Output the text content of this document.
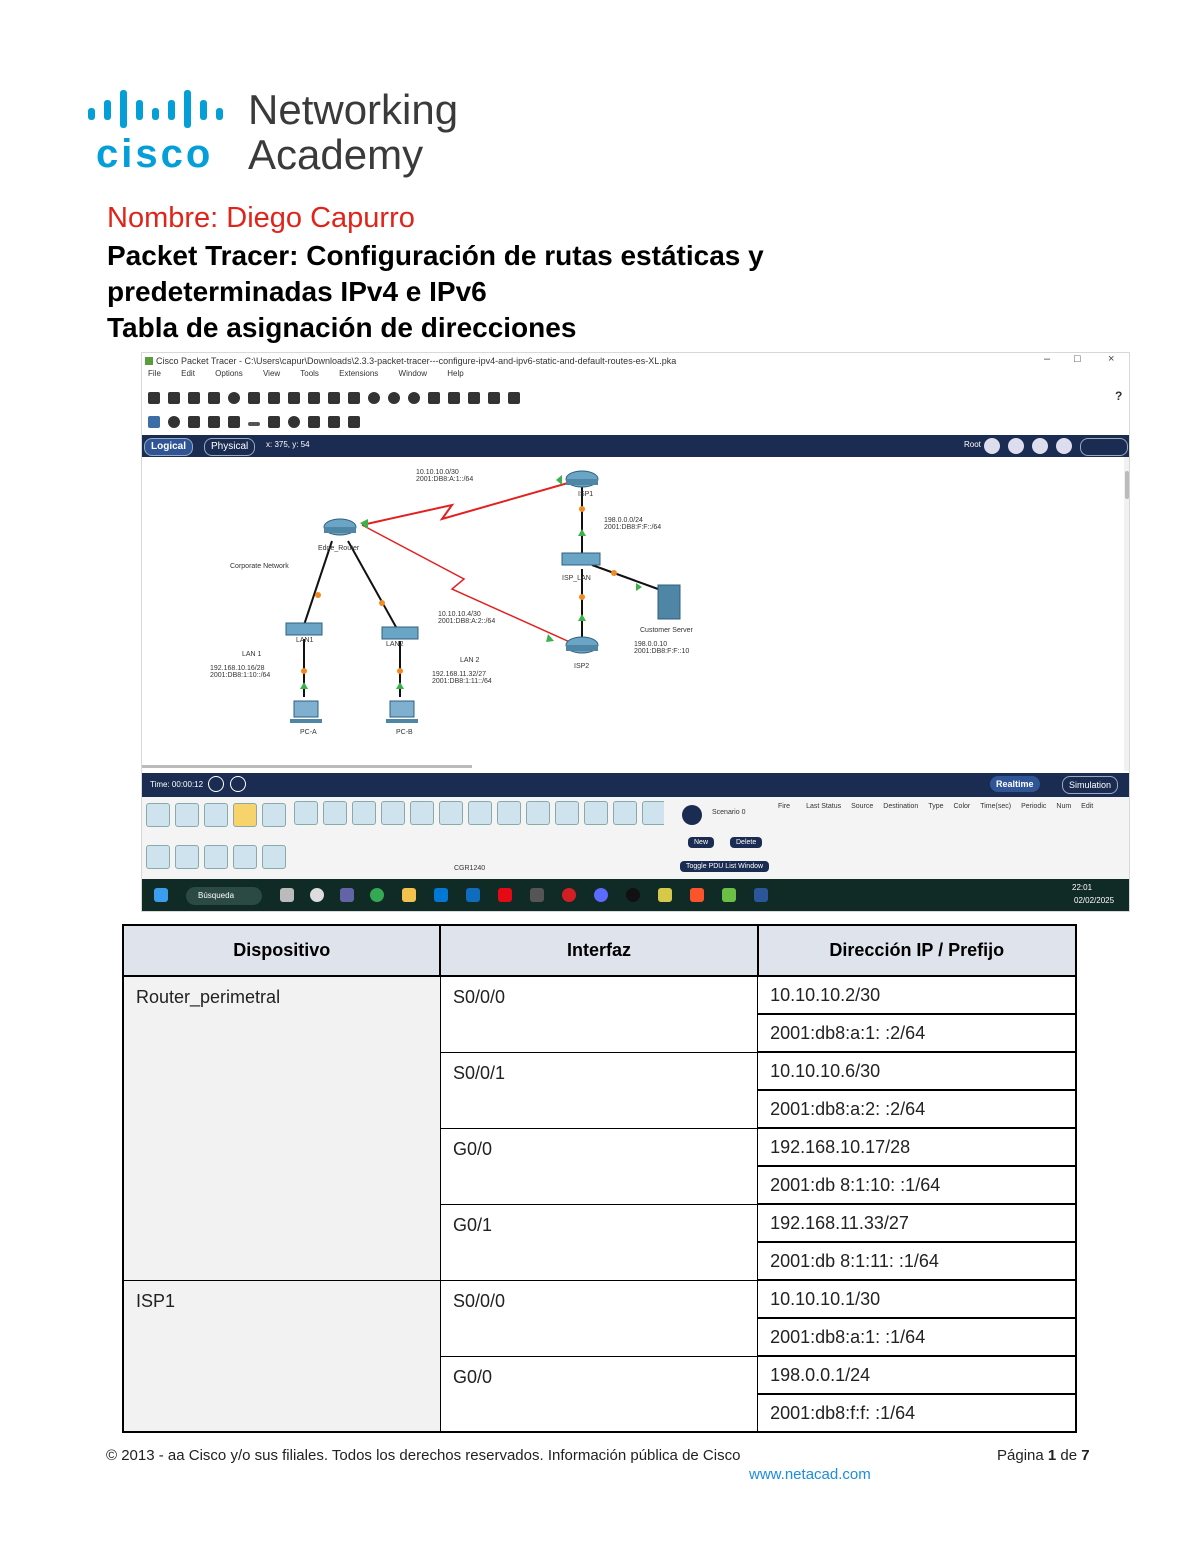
cisco
Networking
Academy
Nombre: Diego Capurro
Packet Tracer: Configuración de rutas estáticas y
predeterminadas IPv4 e IPv6
Tabla de asignación de direcciones
Cisco Packet Tracer - C:\Users\capur\Downloads\2.3.3-packet-tracer---configure-ipv4-and-ipv6-static-and-default-routes-es-XL.pka	– □ ×
File	Edit	Options	View	Tools	Extensions	Window	Help
?
Logical	Physical	x: 375, y: 54	Root
10.10.10.0/30
2001:DB8:A:1::/64
ISP1
198.0.0.0/24
2001:DB8:F:F::/64
Edge_Router
Corporate Network
ISP_LAN
10.10.10.4/30
2001:DB8:A:2::/64
LAN1
LAN2
Customer Server
198.0.0.10
2001:DB8:F:F::10
ISP2
LAN 1
192.168.10.16/28
2001:DB8:1:10::/64
LAN 2
192.168.11.32/27
2001:DB8:1:11::/64
PC-A	PC-B
Time: 00:00:12	Realtime	Simulation
CGR1240
Scenario 0
Fire Last Status Source Destination Type Color Time(sec) Periodic Num Edit
New	Delete
Toggle PDU List Window
Búsqueda
22:01
02/02/2025
Dispositivo	Interfaz	Dirección IP / Prefijo
Router_perimetral	S0/0/0	10.10.10.2/30
		2001:db8:a:1: :2/64
	S0/0/1	10.10.10.6/30
		2001:db8:a:2: :2/64
	G0/0	192.168.10.17/28
		2001:db 8:1:10: :1/64
	G0/1	192.168.11.33/27
		2001:db 8:1:11: :1/64
ISP1	S0/0/0	10.10.10.1/30
		2001:db8:a:1: :1/64
	G0/0	198.0.0.1/24
		2001:db8:f:f: :1/64
© 2013 - aa Cisco y/o sus filiales. Todos los derechos reservados. Información pública de Cisco	Página 1 de 7
www.netacad.com
